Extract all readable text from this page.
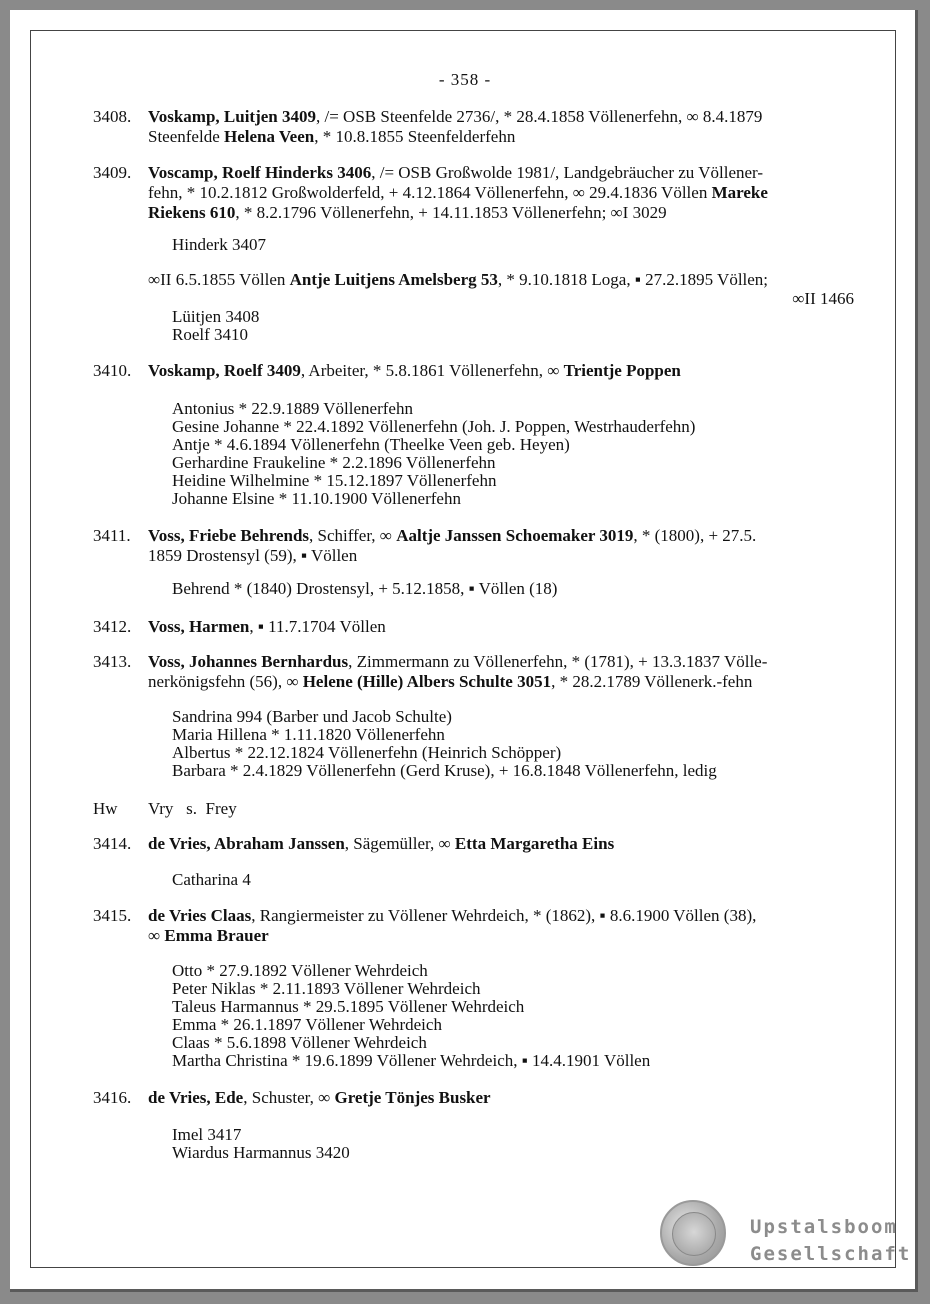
- 358 -
3408. Voskamp, Luitjen 3409, /= OSB Steenfelde 2736/, * 28.4.1858 Völlenerfehn, ∞ 8.4.1879
Steenfelde Helena Veen, * 10.8.1855 Steenfelderfehn
3409. Voscamp, Roelf Hinderks 3406, /= OSB Großwolde 1981/, Landgebräucher zu Völlener-
fehn, * 10.2.1812 Großwolderfeld, + 4.12.1864 Völlenerfehn, ∞ 29.4.1836 Völlen Mareke
Riekens 610, * 8.2.1796 Völlenerfehn, + 14.11.1853 Völlenerfehn; ∞I 3029
Hinderk 3407
∞II 6.5.1855 Völlen Antje Luitjens Amelsberg 53, * 9.10.1818 Loga, ▪ 27.2.1895 Völlen;
∞II 1466
Lüitjen 3408
Roelf 3410
3410. Voskamp, Roelf 3409, Arbeiter, * 5.8.1861 Völlenerfehn, ∞ Trientje Poppen
Antonius * 22.9.1889 Völlenerfehn
Gesine Johanne * 22.4.1892 Völlenerfehn (Joh. J. Poppen, Westrhauderfehn)
Antje * 4.6.1894 Völlenerfehn (Theelke Veen geb. Heyen)
Gerhardine Fraukeline * 2.2.1896 Völlenerfehn
Heidine Wilhelmine * 15.12.1897 Völlenerfehn
Johanne Elsine * 11.10.1900 Völlenerfehn
3411. Voss, Friebe Behrends, Schiffer, ∞ Aaltje Janssen Schoemaker 3019, * (1800), + 27.5.
1859 Drostensyl (59), ▪ Völlen
Behrend * (1840) Drostensyl, + 5.12.1858, ▪ Völlen (18)
3412. Voss, Harmen, ▪ 11.7.1704 Völlen
3413. Voss, Johannes Bernhardus, Zimmermann zu Völlenerfehn, * (1781), + 13.3.1837 Völle-
nerkönigsfehn (56), ∞ Helene (Hille) Albers Schulte 3051, * 28.2.1789 Völlenerk.-fehn
Sandrina 994 (Barber und Jacob Schulte)
Maria Hillena * 1.11.1820 Völlenerfehn
Albertus * 22.12.1824 Völlenerfehn (Heinrich Schöpper)
Barbara * 2.4.1829 Völlenerfehn (Gerd Kruse), + 16.8.1848 Völlenerfehn, ledig
Hw Vry   s.  Frey
3414. de Vries, Abraham Janssen, Sägemüller, ∞ Etta Margaretha Eins
Catharina 4
3415. de Vries Claas, Rangiermeister zu Völlener Wehrdeich, * (1862), ▪ 8.6.1900 Völlen (38),
∞ Emma Brauer
Otto * 27.9.1892 Völlener Wehrdeich
Peter Niklas * 2.11.1893 Völlener Wehrdeich
Taleus Harmannus * 29.5.1895 Völlener Wehrdeich
Emma * 26.1.1897 Völlener Wehrdeich
Claas * 5.6.1898 Völlener Wehrdeich
Martha Christina * 19.6.1899 Völlener Wehrdeich, ▪ 14.4.1901 Völlen
3416. de Vries, Ede, Schuster, ∞ Gretje Tönjes Busker
Imel 3417
Wiardus Harmannus 3420
Upstalsboom
Gesellschaft
